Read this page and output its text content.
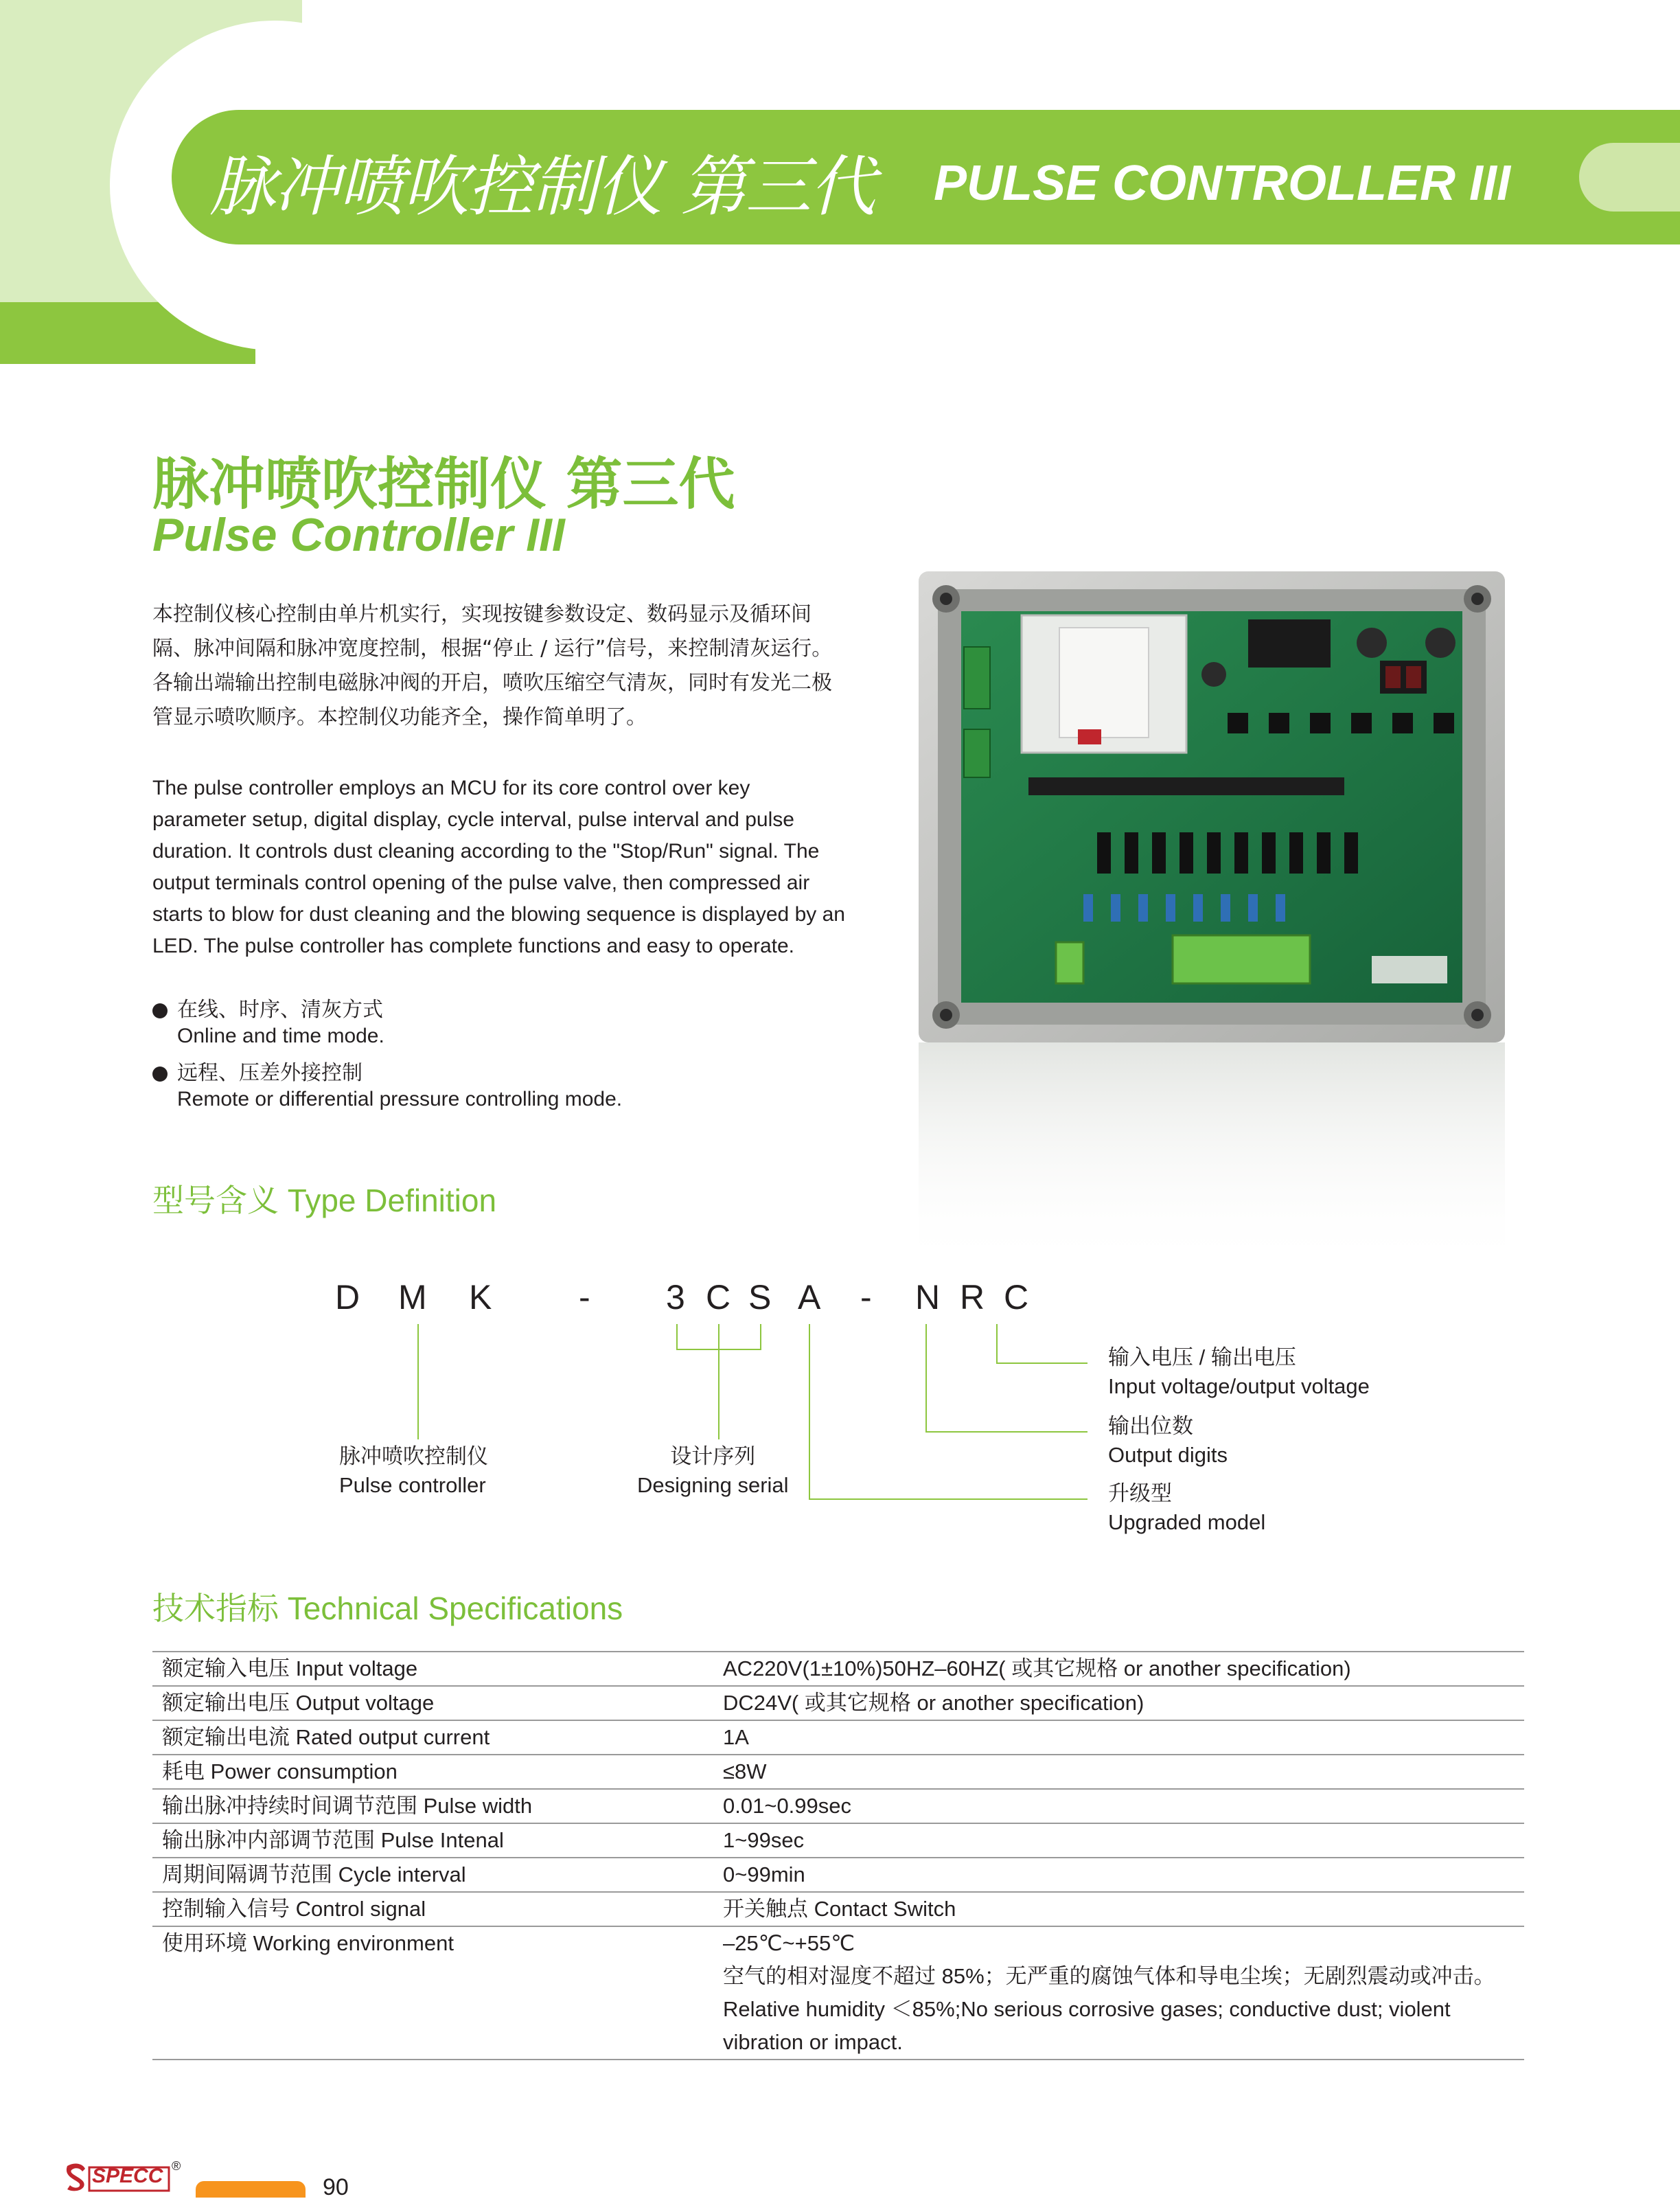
脉冲喷吹控制仪 第三代 PULSE CONTROLLER III
脉冲喷吹控制仪 第三代
Pulse Controller III
本控制仪核心控制由单片机实行，实现按键参数设定、数码显示及循环间隔、脉冲间隔和脉冲宽度控制，根据“停止 / 运行”信号，来控制清灰运行。各输出端输出控制电磁脉冲阀的开启，喷吹压缩空气清灰，同时有发光二极管显示喷吹顺序。本控制仪功能齐全，操作简单明了。
The pulse controller employs an MCU for its core control over key parameter setup, digital display, cycle interval, pulse interval and pulse duration. It controls dust cleaning according to the "Stop/Run" signal. The output terminals control opening of the pulse valve, then compressed air starts to blow for dust cleaning and the blowing sequence is displayed by an LED. The pulse controller has complete functions and easy to operate.
在线、时序、清灰方式
Online and time mode.
远程、压差外接控制
Remote or differential pressure controlling mode.
型号含义 Type Definition
D M K	- 3 C S A - N R C
脉冲喷吹控制仪
Pulse controller
设计序列
Designing serial
输入电压 / 输出电压
Input voltage/output voltage
输出位数
Output digits
升级型
Upgraded model
技术指标 Technical Specifications
额定输入电压 Input voltage	AC220V(1±10%)50HZ–60HZ( 或其它规格 or another specification)
额定输出电压 Output voltage	DC24V( 或其它规格 or another specification)
额定输出电流 Rated output current	1A
耗电 Power consumption	≤8W
输出脉冲持续时间调节范围 Pulse width	0.01~0.99sec
输出脉冲内部调节范围 Pulse Intenal	1~99sec
周期间隔调节范围 Cycle interval	0~99min
控制输入信号 Control signal	开关触点 Contact Switch
使用环境 Working environment	–25℃~+55℃
空气的相对湿度不超过 85%；无严重的腐蚀气体和导电尘埃；无剧烈震动或冲击。
Relative humidity ＜85%;No serious corrosive gases; conductive dust; violent
vibration or impact.
SPECC ®
90
